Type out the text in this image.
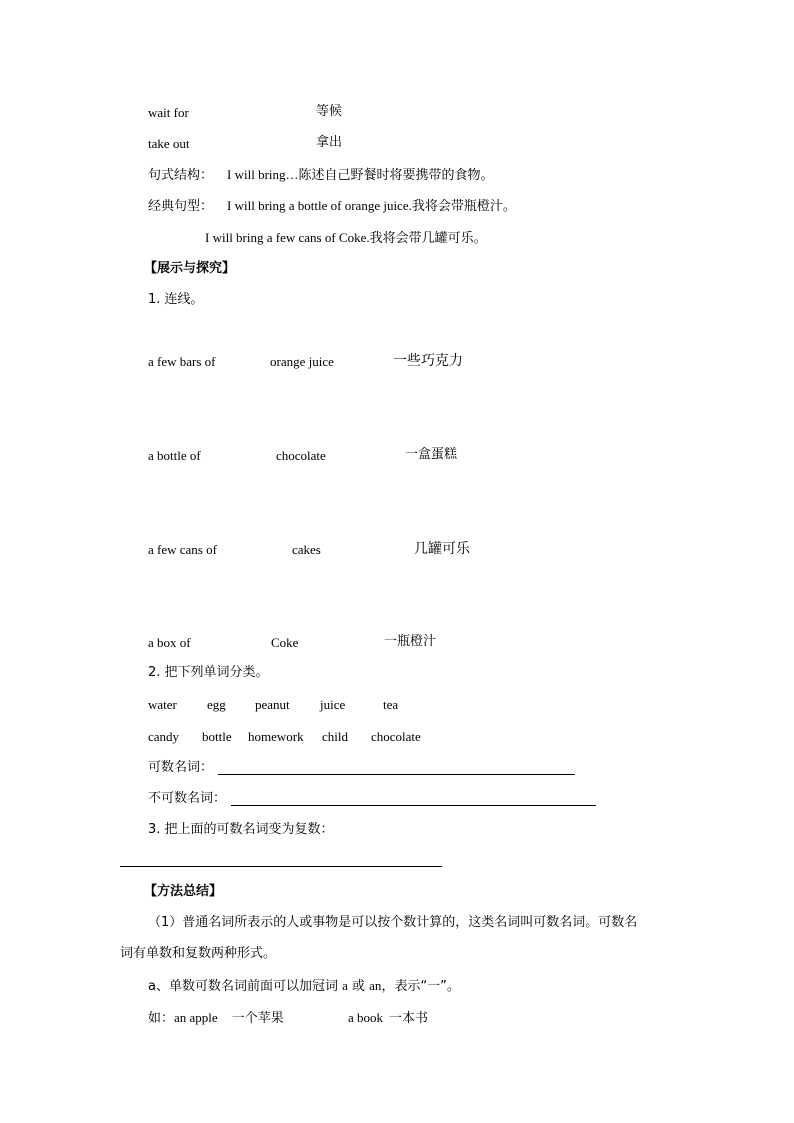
wait for	等候
take out	拿出
句式结构： I will bring…陈述自己野餐时将要携带的食物。
经典句型： I will bring a bottle of orange juice.我将会带瓶橙汁。
I will bring a few cans of Coke.我将会带几罐可乐。
【展示与探究】
1. 连线。
a few bars of	orange juice	一些巧克力
a bottle of	chocolate	一盒蛋糕
a few cans of	cakes	几罐可乐
a box of	Coke	一瓶橙汁
2. 把下列单词分类。
water egg peanut juice	tea
candy bottle homework child chocolate
可数名词：
不可数名词：
3. 把上面的可数名词变为复数：
【方法总结】
（1）普通名词所表示的人或事物是可以按个数计算的，这类名词叫可数名词。可数名
词有单数和复数两种形式。
a、单数可数名词前面可以加冠词 a 或 an，表示“一”。
如：an apple 一个苹果	a book 一本书
